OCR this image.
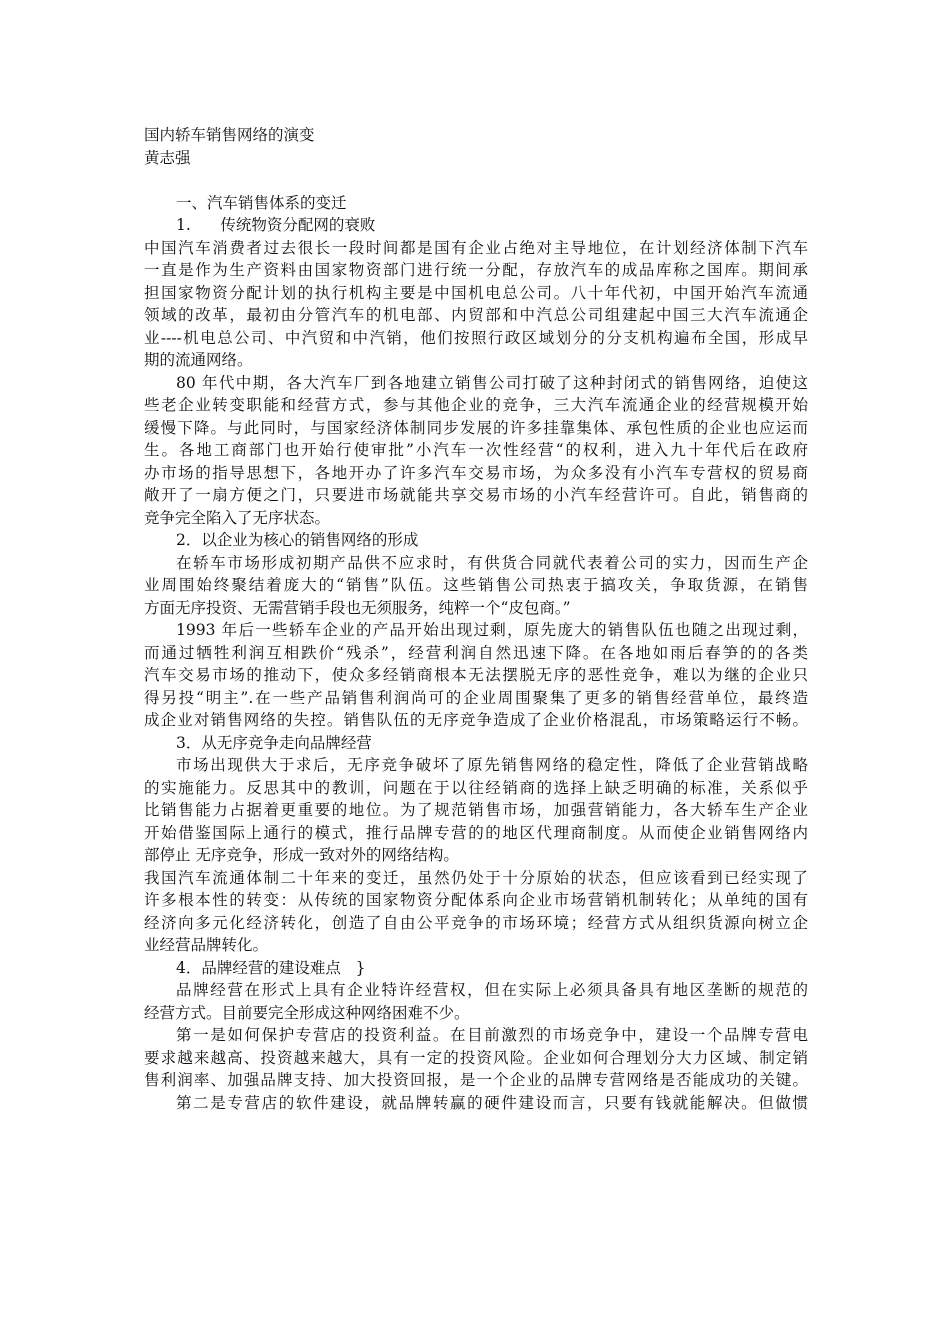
国内轿车销售网络的演变

黄志强

一、汽车销售体系的变迁

1.      传统物资分配网的衰败

中国汽车消费者过去很长一段时间都是国有企业占绝对主导地位，在计划经济体制下汽车

一直是作为生产资料由国家物资部门进行统一分配，存放汽车的成品库称之国库。期间承

担国家物资分配计划的执行机构主要是中国机电总公司。八十年代初，中国开始汽车流通

领域的改革，最初由分管汽车的机电部、内贸部和中汽总公司组建起中国三大汽车流通企

业----机电总公司、中汽贸和中汽销，他们按照行政区域划分的分支机构遍布全国，形成早

期的流通网络。

80 年代中期，各大汽车厂到各地建立销售公司打破了这种封闭式的销售网络，迫使这

些老企业转变职能和经营方式，参与其他企业的竞争，三大汽车流通企业的经营规模开始

缓慢下降。与此同时，与国家经济体制同步发展的许多挂靠集体、承包性质的企业也应运而

生。各地工商部门也开始行使审批”小汽车一次性经营“的权利，进入九十年代后在政府

办市场的指导思想下，各地开办了许多汽车交易市场，为众多没有小汽车专营权的贸易商

敞开了一扇方便之门，只要进市场就能共享交易市场的小汽车经营许可。自此，销售商的

竞争完全陷入了无序状态。

2．以企业为核心的销售网络的形成

在轿车市场形成初期产品供不应求时，有供货合同就代表着公司的实力，因而生产企

业周围始终聚结着庞大的“销售”队伍。这些销售公司热衷于搞攻关，争取货源，在销售

方面无序投资、无需营销手段也无须服务，纯粹一个“皮包商。”

1993 年后一些轿车企业的产品开始出现过剩，原先庞大的销售队伍也随之出现过剩，

而通过牺牲利润互相跌价“残杀”，经营利润自然迅速下降。在各地如雨后春笋的的各类

汽车交易市场的推动下，使众多经销商根本无法摆脱无序的恶性竞争，难以为继的企业只

得另投“明主”.在一些产品销售利润尚可的企业周围聚集了更多的销售经营单位，最终造

成企业对销售网络的失控。销售队伍的无序竞争造成了企业价格混乱，市场策略运行不畅。

3．从无序竞争走向品牌经营

市场出现供大于求后，无序竞争破坏了原先销售网络的稳定性，降低了企业营销战略

的实施能力。反思其中的教训，问题在于以往经销商的选择上缺乏明确的标准，关系似乎

比销售能力占据着更重要的地位。为了规范销售市场，加强营销能力，各大轿车生产企业

开始借鉴国际上通行的模式，推行品牌专营的的地区代理商制度。从而使企业销售网络内

部停止 无序竞争，形成一致对外的网络结构。

我国汽车流通体制二十年来的变迁，虽然仍处于十分原始的状态，但应该看到已经实现了

许多根本性的转变：从传统的国家物资分配体系向企业市场营销机制转化；从单纯的国有

经济向多元化经济转化，创造了自由公平竞争的市场环境；经营方式从组织货源向树立企

业经营品牌转化。

4．品牌经营的建设难点   }

品牌经营在形式上具有企业特许经营权，但在实际上必须具备具有地区垄断的规范的

经营方式。目前要完全形成这种网络困难不少。

第一是如何保护专营店的投资利益。在目前激烈的市场竞争中，建设一个品牌专营电

要求越来越高、投资越来越大，具有一定的投资风险。企业如何合理划分大力区域、制定销

售利润率、加强品牌支持、加大投资回报，是一个企业的品牌专营网络是否能成功的关键。

第二是专营店的软件建设，就品牌转赢的硬件建设而言，只要有钱就能解决。但做惯
